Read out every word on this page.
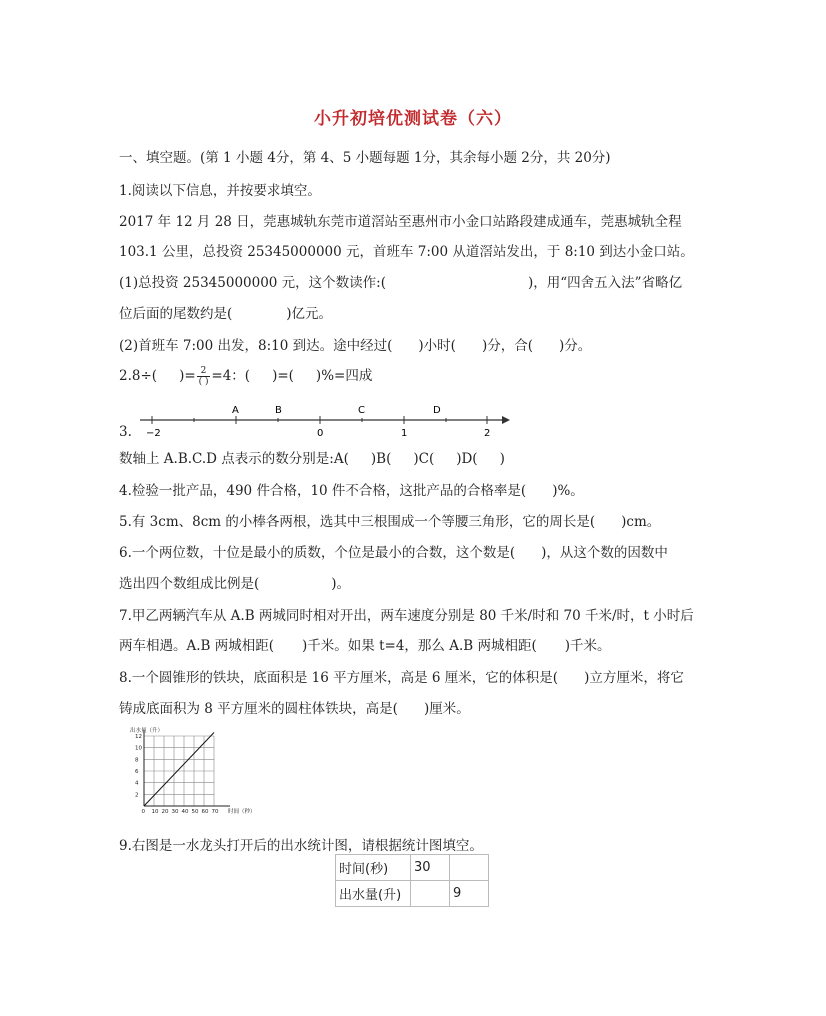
小升初培优测试卷（六）
一、填空题。(第 1 小题 4分，第 4、5 小题每题 1分，其余每小题 2分，共 20分)
1.阅读以下信息，并按要求填空。
2017 年 12 月 28 日，莞惠城轨东莞市道滘站至惠州市小金口站路段建成通车，莞惠城轨全程
103.1 公里，总投资 25345000000 元，首班车 7:00 从道滘站发出，于 8:10 到达小金口站。
(1)总投资 25345000000 元，这个数读作:(	)，用“四舍五入法”省略亿
位后面的尾数约是(	)亿元。
(2)首班车 7:00 出发，8:10 到达。途中经过( )小时( )分，合( )分。
2.8÷( )= $\frac{2}{( )} =4$：( )=( )%=四成
3. −2	0	1	2
A	B	C	D
数轴上 A.B.C.D 点表示的数分别是:A( )B( )C( )D( )
4.检验一批产品，490 件合格，10 件不合格，这批产品的合格率是( )%。
5.有 3cm、8cm 的小棒各两根，选其中三根围成一个等腰三角形，它的周长是( )cm。
6.一个两位数，十位是最小的质数，个位是最小的合数，这个数是( )，从这个数的因数中
选出四个数组成比例是(	)。
7.甲乙两辆汽车从 A.B 两城同时相对开出，两车速度分别是 80 千米/时和 70 千米/时，t 小时后
两车相遇。A.B 两城相距( )千米。如果 t=4，那么 A.B 两城相距( )千米。
8.一个圆锥形的铁块，底面积是 16 平方厘米，高是 6 厘米，它的体积是( )立方厘米，将它
铸成底面积为 8 平方厘米的圆柱体铁块，高是( )厘米。
0 10 20 30 40 50 60 70
2
4
6
8
10
12
出水量（升）
时间（秒）
9.右图是一水龙头打开后的出水统计图，请根据统计图填空。
时间(秒)	30	
出水量(升)		9
